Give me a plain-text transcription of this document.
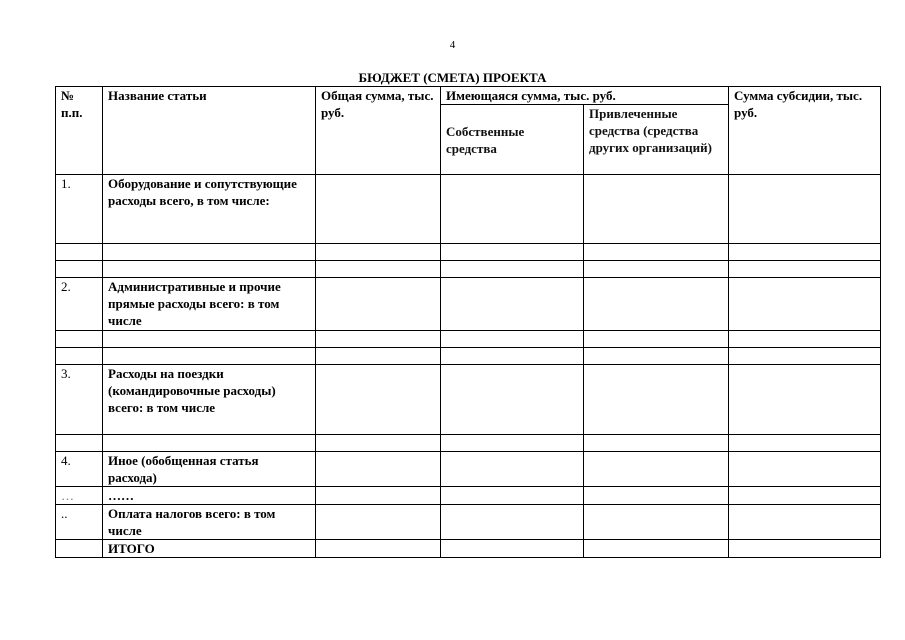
4
БЮДЖЕТ (СМЕТА) ПРОЕКТА
№ п.п.	Название статьи	Общая сумма, тыс. руб.	Имеющаяся сумма, тыс. руб.		Сумма субсидии, тыс. руб.
			Собственные средства	Привлеченные средства (средства других организаций)	
1.	Оборудование и сопутствующие расходы всего, в том числе:				

2.	Административные и прочие прямые расходы всего: в том числе				

3.	Расходы на поездки (командировочные расходы) всего: в том числе				

4.	Иное (обобщенная статья расхода)				
…	……				
..	Оплата налогов всего: в том числе				
	ИТОГО				
